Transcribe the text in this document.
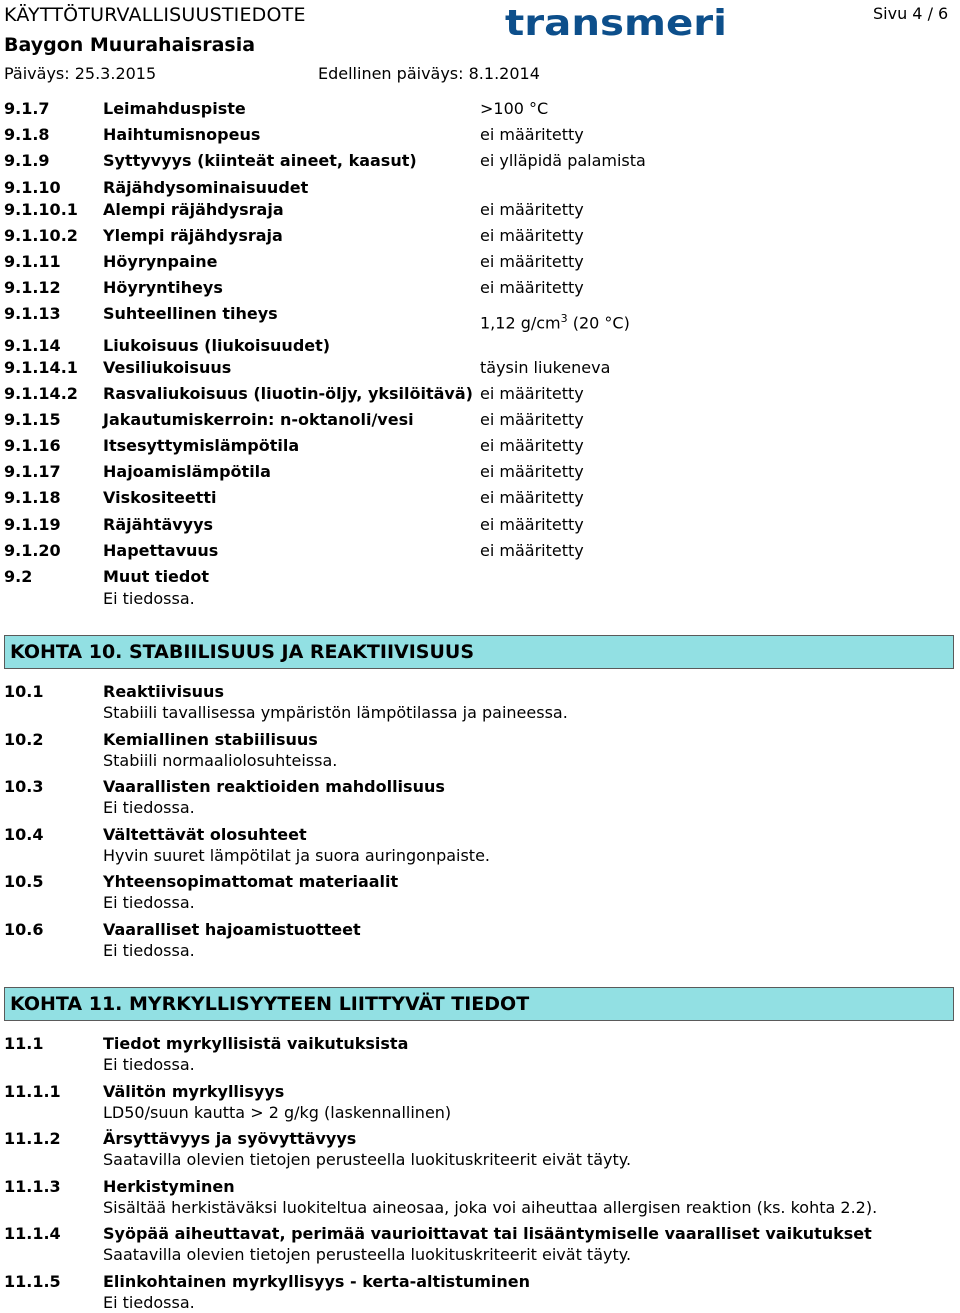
KÄYTTÖTURVALLISUUSTIEDOTE
Baygon Muurahaisrasia
Päiväys: 25.3.2015	Edellinen päiväys: 8.1.2014
Sivu 4 / 6
transmeri
9.1.7	Leimahduspiste	>100 °C
9.1.8	Haihtumisnopeus	ei määritetty
9.1.9	Syttyvyys (kiinteät aineet, kaasut)	ei ylläpidä palamista
9.1.10	Räjähdysominaisuudet
9.1.10.1 Alempi räjähdysraja	ei määritetty
9.1.10.2 Ylempi räjähdysraja	ei määritetty
9.1.11	Höyrynpaine	ei määritetty
9.1.12	Höyryntiheys	ei määritetty
9.1.13	Suhteellinen tiheys	1,12 $g/cm^3$ (20 °C)
9.1.14	Liukoisuus (liukoisuudet)
9.1.14.1 Vesiliukoisuus	täysin liukeneva
9.1.14.2 Rasvaliukoisuus (liuotin-öljy, yksilöitävä) ei määritetty
9.1.15	Jakautumiskerroin: n-oktanoli/vesi	ei määritetty
9.1.16	Itsesyttymislämpötila	ei määritetty
9.1.17	Hajoamislämpötila	ei määritetty
9.1.18	Viskositeetti	ei määritetty
9.1.19	Räjähtävyys	ei määritetty
9.1.20	Hapettavuus	ei määritetty
9.2	Muut tiedot
Ei tiedossa.
KOHTA 10. STABIILISUUS JA REAKTIIVISUUS
10.1	Reaktiivisuus
Stabiili tavallisessa ympäristön lämpötilassa ja paineessa.
10.2	Kemiallinen stabiilisuus
Stabiili normaaliolosuhteissa.
10.3	Vaarallisten reaktioiden mahdollisuus
Ei tiedossa.
10.4	Vältettävät olosuhteet
Hyvin suuret lämpötilat ja suora auringonpaiste.
10.5	Yhteensopimattomat materiaalit
Ei tiedossa.
10.6	Vaaralliset hajoamistuotteet
Ei tiedossa.
KOHTA 11. MYRKYLLISYYTEEN LIITTYVÄT TIEDOT
11.1	Tiedot myrkyllisistä vaikutuksista
Ei tiedossa.
11.1.1	Välitön myrkyllisyys
LD50/suun kautta > 2 g/kg (laskennallinen)
11.1.2	Ärsyttävyys ja syövyttävyys
Saatavilla olevien tietojen perusteella luokituskriteerit eivät täyty.
11.1.3	Herkistyminen
Sisältää herkistäväksi luokiteltua aineosaa, joka voi aiheuttaa allergisen reaktion (ks. kohta 2.2).
11.1.4	Syöpää aiheuttavat, perimää vaurioittavat tai lisääntymiselle vaaralliset vaikutukset
Saatavilla olevien tietojen perusteella luokituskriteerit eivät täyty.
11.1.5	Elinkohtainen myrkyllisyys - kerta-altistuminen
Ei tiedossa.
